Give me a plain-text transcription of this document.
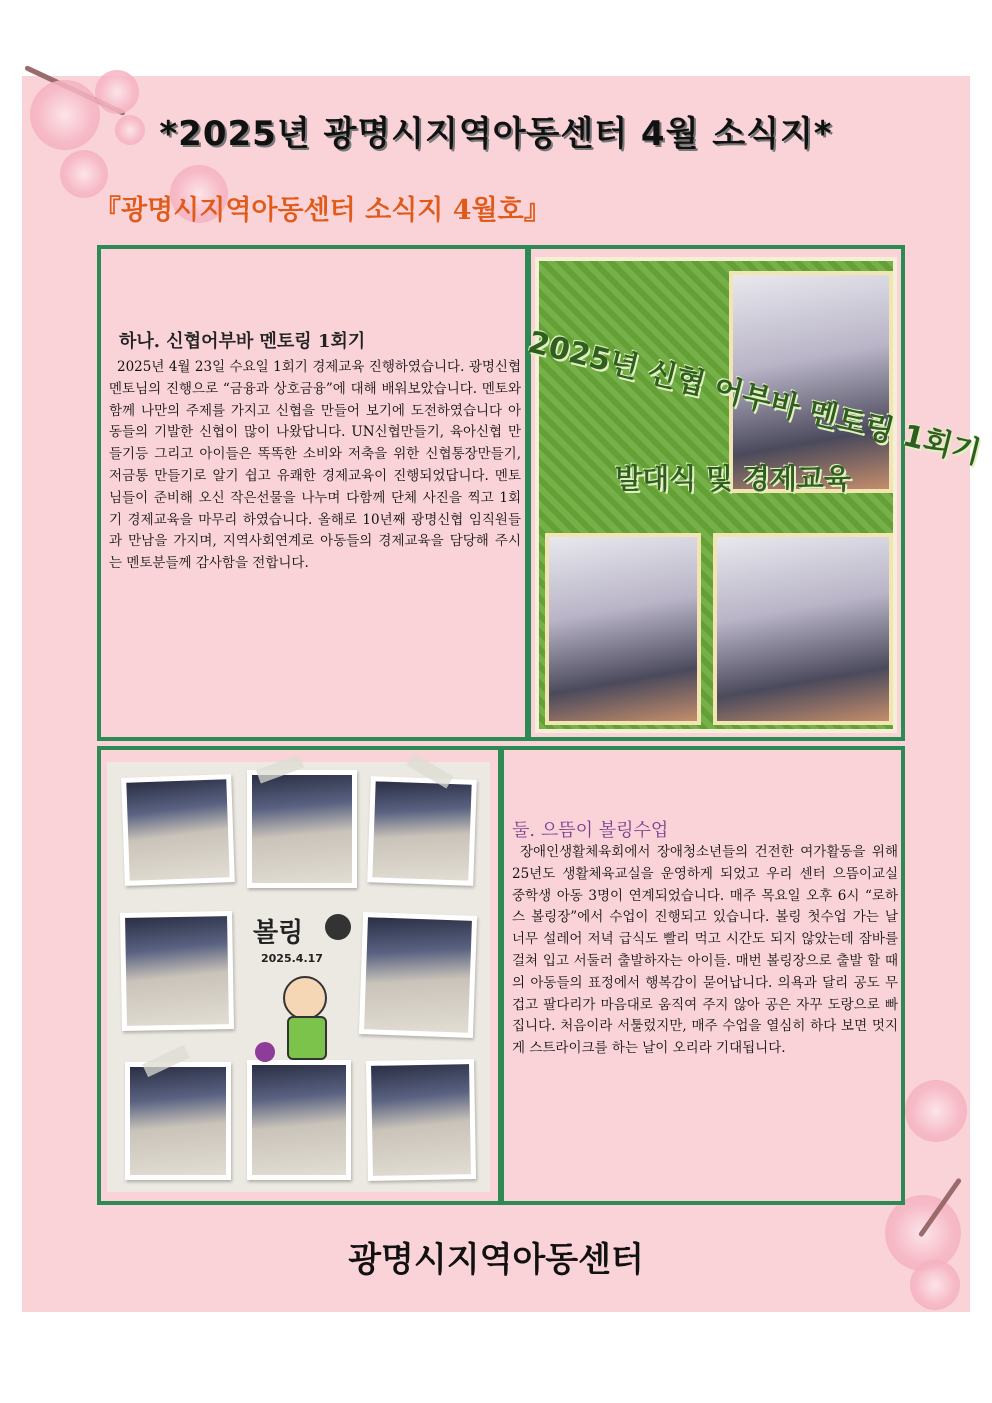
*2025년 광명시지역아동센터 4월 소식지*
『광명시지역아동센터 소식지 4월호』
하나. 신협어부바 멘토링 1회기
2025년 4월 23일 수요일 1회기 경제교육 진행하였습니다. 광명신협 멘토님의 진행으로 “금융과 상호금융”에 대해 배워보았습니다. 멘토와 함께 나만의 주제를 가지고 신협을 만들어 보기에 도전하였습니다 아동들의 기발한 신협이 많이 나왔답니다. UN신협만들기, 육아신협 만들기등 그리고 아이들은 똑똑한 소비와 저축을 위한 신협통장만들기, 저금통 만들기로 알기 쉽고 유쾌한 경제교육이 진행되었답니다. 멘토님들이 준비해 오신 작은선물을 나누며 다함께 단체 사진을 찍고 1회기 경제교육을 마무리 하였습니다. 올해로 10년째 광명신협 임직원들과 만남을 가지며, 지역사회연계로 아동들의 경제교육을 담당해 주시는 멘토분들께 감사함을 전합니다.
2025년 신협 어부바 멘토링 1회기
발대식 및 경제교육
볼링
2025.4.17
둘. 으뜸이 볼링수업
장애인생활체육회에서 장애청소년들의 건전한 여가활동을 위해 25년도 생활체육교실을 운영하게 되었고 우리 센터 으뜸이교실 중학생 아동 3명이 연계되었습니다. 매주 목요일 오후 6시 “로하스 볼링장”에서 수업이 진행되고 있습니다. 볼링 첫수업 가는 날 너무 설레어 저녁 급식도 빨리 먹고 시간도 되지 않았는데 잠바를 걸쳐 입고 서둘러 출발하자는 아이들. 매번 볼링장으로 출발 할 때의 아동들의 표정에서 행복감이 묻어납니다. 의욕과 달리 공도 무겁고 팔다리가 마음대로 움직여 주지 않아 공은 자꾸 도랑으로 빠집니다. 처음이라 서툴렀지만, 매주 수업을 열심히 하다 보면 멋지게 스트라이크를 하는 날이 오리라 기대됩니다.
광명시지역아동센터
